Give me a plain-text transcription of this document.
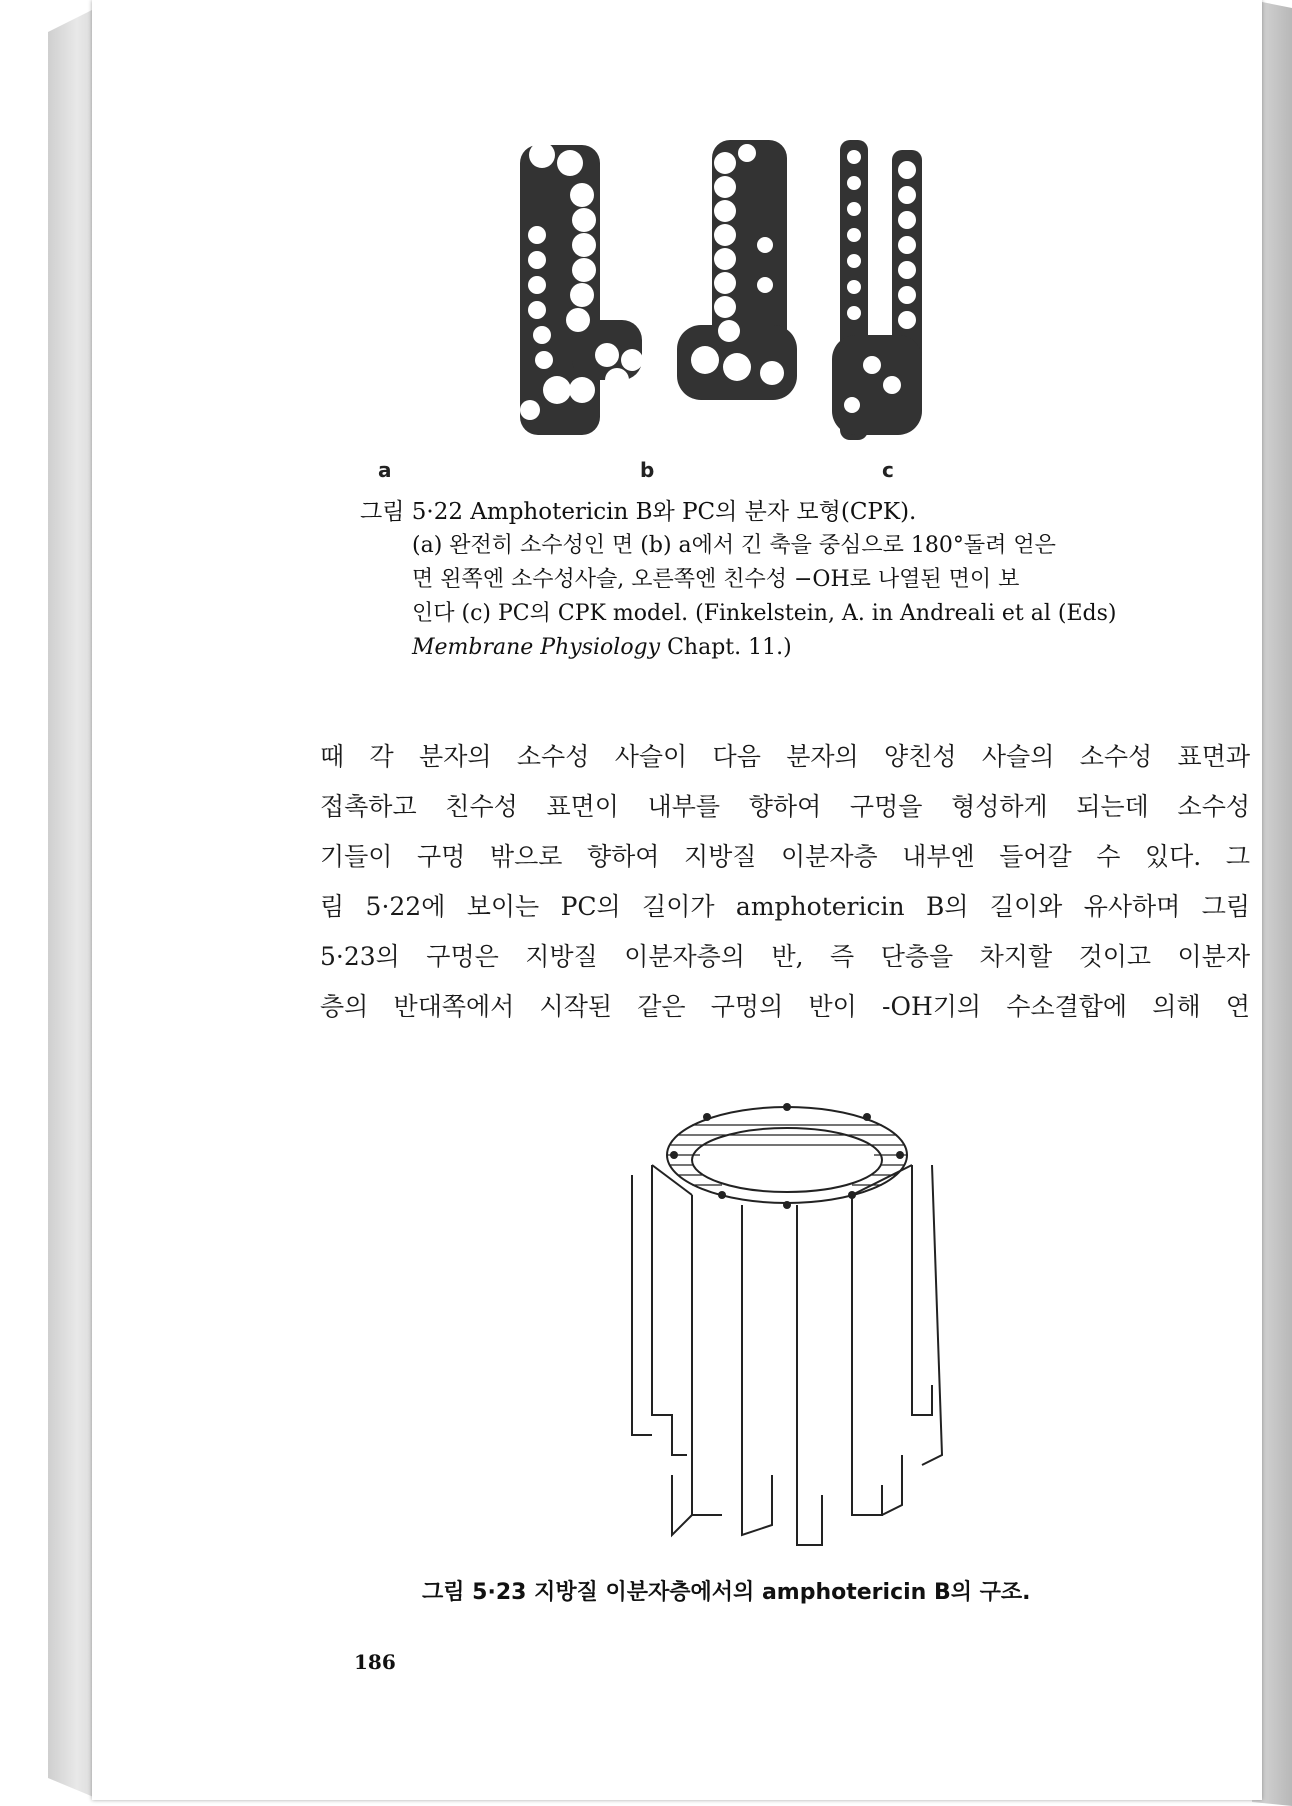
a	b	c
그림 5·22 Amphotericin B와 PC의 분자 모형(CPK).
(a) 완전히 소수성인 면 (b) a에서 긴 축을 중심으로 180°돌려 얻은
면 왼쪽엔 소수성사슬, 오른쪽엔 친수성 −OH로 나열된 면이 보
인다 (c) PC의 CPK model. (Finkelstein, A. in Andreali et al (Eds)
Membrane Physiology Chapt. 11.)
때 각 분자의 소수성 사슬이 다음 분자의 양친성 사슬의 소수성 표면과
접촉하고 친수성 표면이 내부를 향하여 구멍을 형성하게 되는데 소수성
기들이 구멍 밖으로 향하여 지방질 이분자층 내부엔 들어갈 수 있다. 그
림 5·22에 보이는 PC의 길이가 amphotericin B의 길이와 유사하며 그림
5·23의 구멍은 지방질 이분자층의 반, 즉 단층을 차지할 것이고 이분자
층의 반대쪽에서 시작된 같은 구멍의 반이 -OH기의 수소결합에 의해 연
그림 5·23 지방질 이분자층에서의 amphotericin B의 구조.
186
